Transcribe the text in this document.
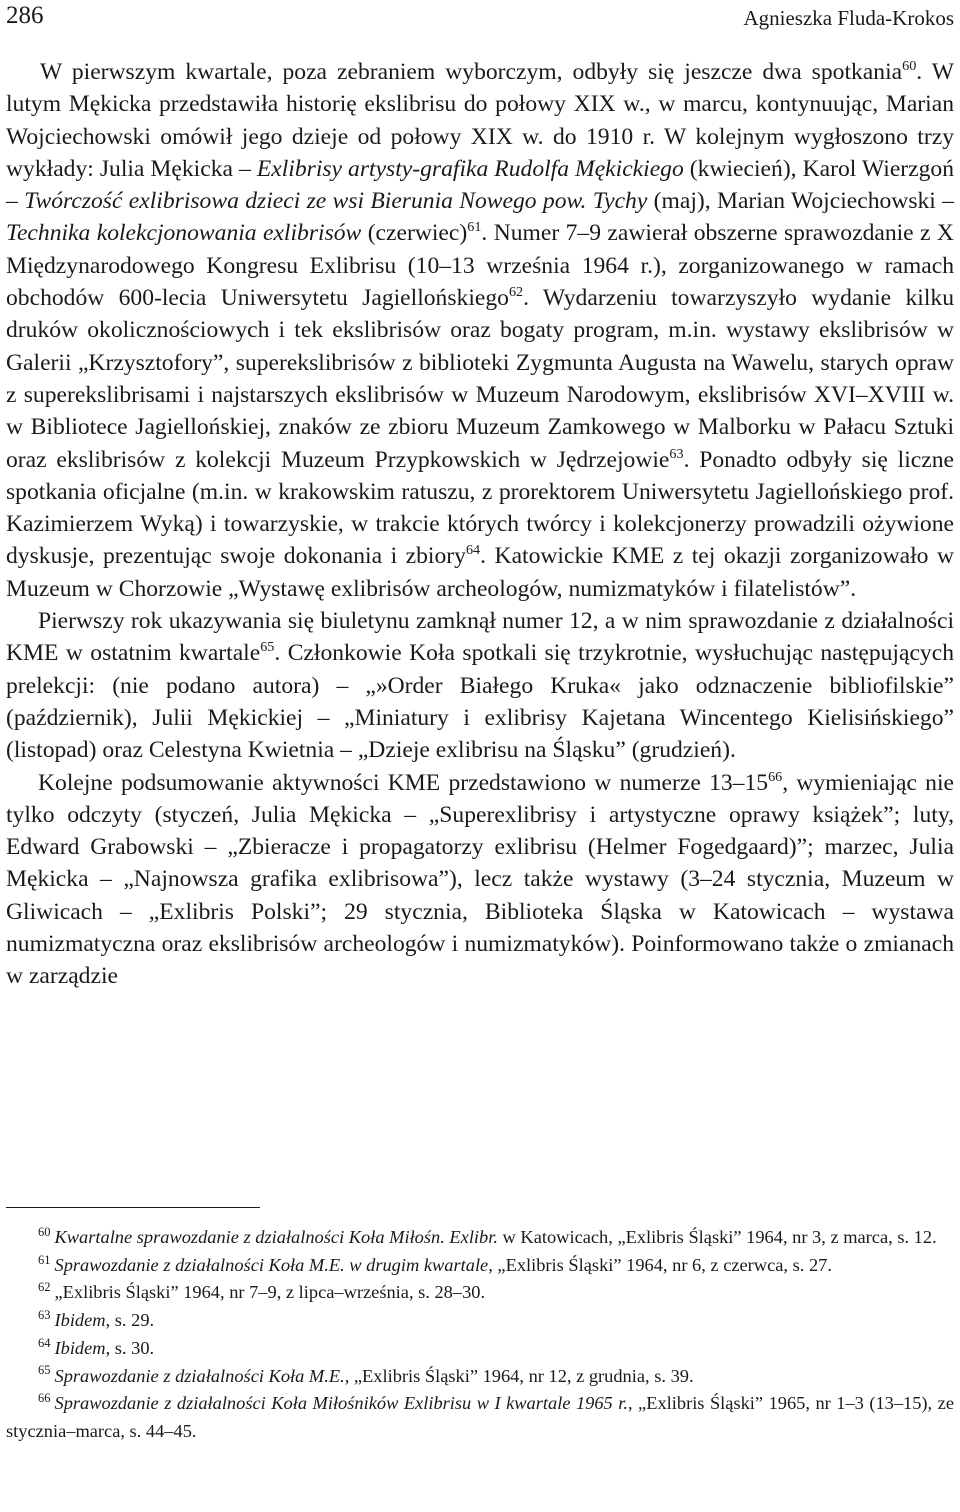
286	Agnieszka Fluda-Krokos

W pierwszym kwartale, poza zebraniem wyborczym, odbyły się jeszcze dwa spotkania$^{60}$. W lutym Mękicka przedstawiła historię ekslibrisu do połowy XIX w., w marcu, kontynuując, Marian Wojciechowski omówił jego dzieje od połowy XIX w. do 1910 r. W kolejnym wygłoszono trzy wykłady: Julia Mękicka – Exlibrisy artysty-grafika Rudolfa Mękickiego (kwiecień), Karol Wierzgoń – Twórczość exlibrisowa dzieci ze wsi Bierunia Nowego pow. Tychy (maj), Marian Wojciechowski – Technika kolekcjonowania exlibrisów (czerwiec)$^{61}$. Numer 7–9 zawierał obszerne sprawozdanie z X Międzynarodowego Kongresu Exlibrisu (10–13 września 1964 r.), zorganizowanego w ramach obchodów 600-lecia Uniwersytetu Jagiellońskiego$^{62}$. Wydarzeniu towarzyszyło wydanie kilku druków okolicznościowych i tek ekslibrisów oraz bogaty program, m.in. wystawy ekslibrisów w Galerii „Krzysztofory”, superekslibrisów z biblioteki Zygmunta Augusta na Wawelu, starych opraw z superekslibrisami i najstarszych ekslibrisów w Muzeum Narodowym, ekslibrisów XVI–XVIII w. w Bibliotece Jagiellońskiej, znaków ze zbioru Muzeum Zamkowego w Malborku w Pałacu Sztuki oraz ekslibrisów z kolekcji Muzeum Przypkowskich w Jędrzejowie$^{63}$. Ponadto odbyły się liczne spotkania oficjalne (m.in. w krakowskim ratuszu, z prorektorem Uniwersytetu Jagiellońskiego prof. Kazimierzem Wyką) i towarzyskie, w trakcie których twórcy i kolekcjonerzy prowadzili ożywione dyskusje, prezentując swoje dokonania i zbiory$^{64}$. Katowickie KME z tej okazji zorganizowało w Muzeum w Chorzowie „Wystawę exlibrisów archeologów, numizmatyków i filatelistów”.

Pierwszy rok ukazywania się biuletynu zamknął numer 12, a w nim sprawozdanie z działalności KME w ostatnim kwartale$^{65}$. Członkowie Koła spotkali się trzykrotnie, wysłuchując następujących prelekcji: (nie podano autora) – „»Order Białego Kruka« jako odznaczenie bibliofilskie” (październik), Julii Mękickiej – „Miniatury i exlibrisy Kajetana Wincentego Kielisińskiego” (listopad) oraz Celestyna Kwietnia – „Dzieje exlibrisu na Śląsku” (grudzień).

Kolejne podsumowanie aktywności KME przedstawiono w numerze $13-15^{66}$, wymieniając nie tylko odczyty (styczeń, Julia Mękicka – „Superexlibrisy i artystyczne oprawy książek”; luty, Edward Grabowski – „Zbieracze i propagatorzy exlibrisu (Helmer Fogedgaard)”; marzec, Julia Mękicka – „Najnowsza grafika exlibrisowa”), lecz także wystawy (3–24 stycznia, Muzeum w Gliwicach – „Exlibris Polski”; 29 stycznia, Biblioteka Śląska w Katowicach – wystawa numizmatyczna oraz ekslibrisów archeologów i numizmatyków). Poinformowano także o zmianach w zarządzie

$^{60}$ Kwartalne sprawozdanie z działalności Koła Miłośn. Exlibr. w Katowicach, „Exlibris Śląski” 1964, nr 3, z marca, s. 12.

$^{61}$ Sprawozdanie z działalności Koła M.E. w drugim kwartale, „Exlibris Śląski” 1964, nr 6, z czerwca, s. 27.

$^{62}$ „Exlibris Śląski” 1964, nr 7–9, z lipca–września, s. 28–30.

$^{63}$ Ibidem, s. 29.

$^{64}$ Ibidem, s. 30.

$^{65}$ Sprawozdanie z działalności Koła M.E., „Exlibris Śląski” 1964, nr 12, z grudnia, s. 39.

$^{66}$ Sprawozdanie z działalności Koła Miłośników Exlibrisu w I kwartale 1965 r., „Exlibris Śląski” 1965, nr 1–3 (13–15), ze stycznia–marca, s. 44–45.
